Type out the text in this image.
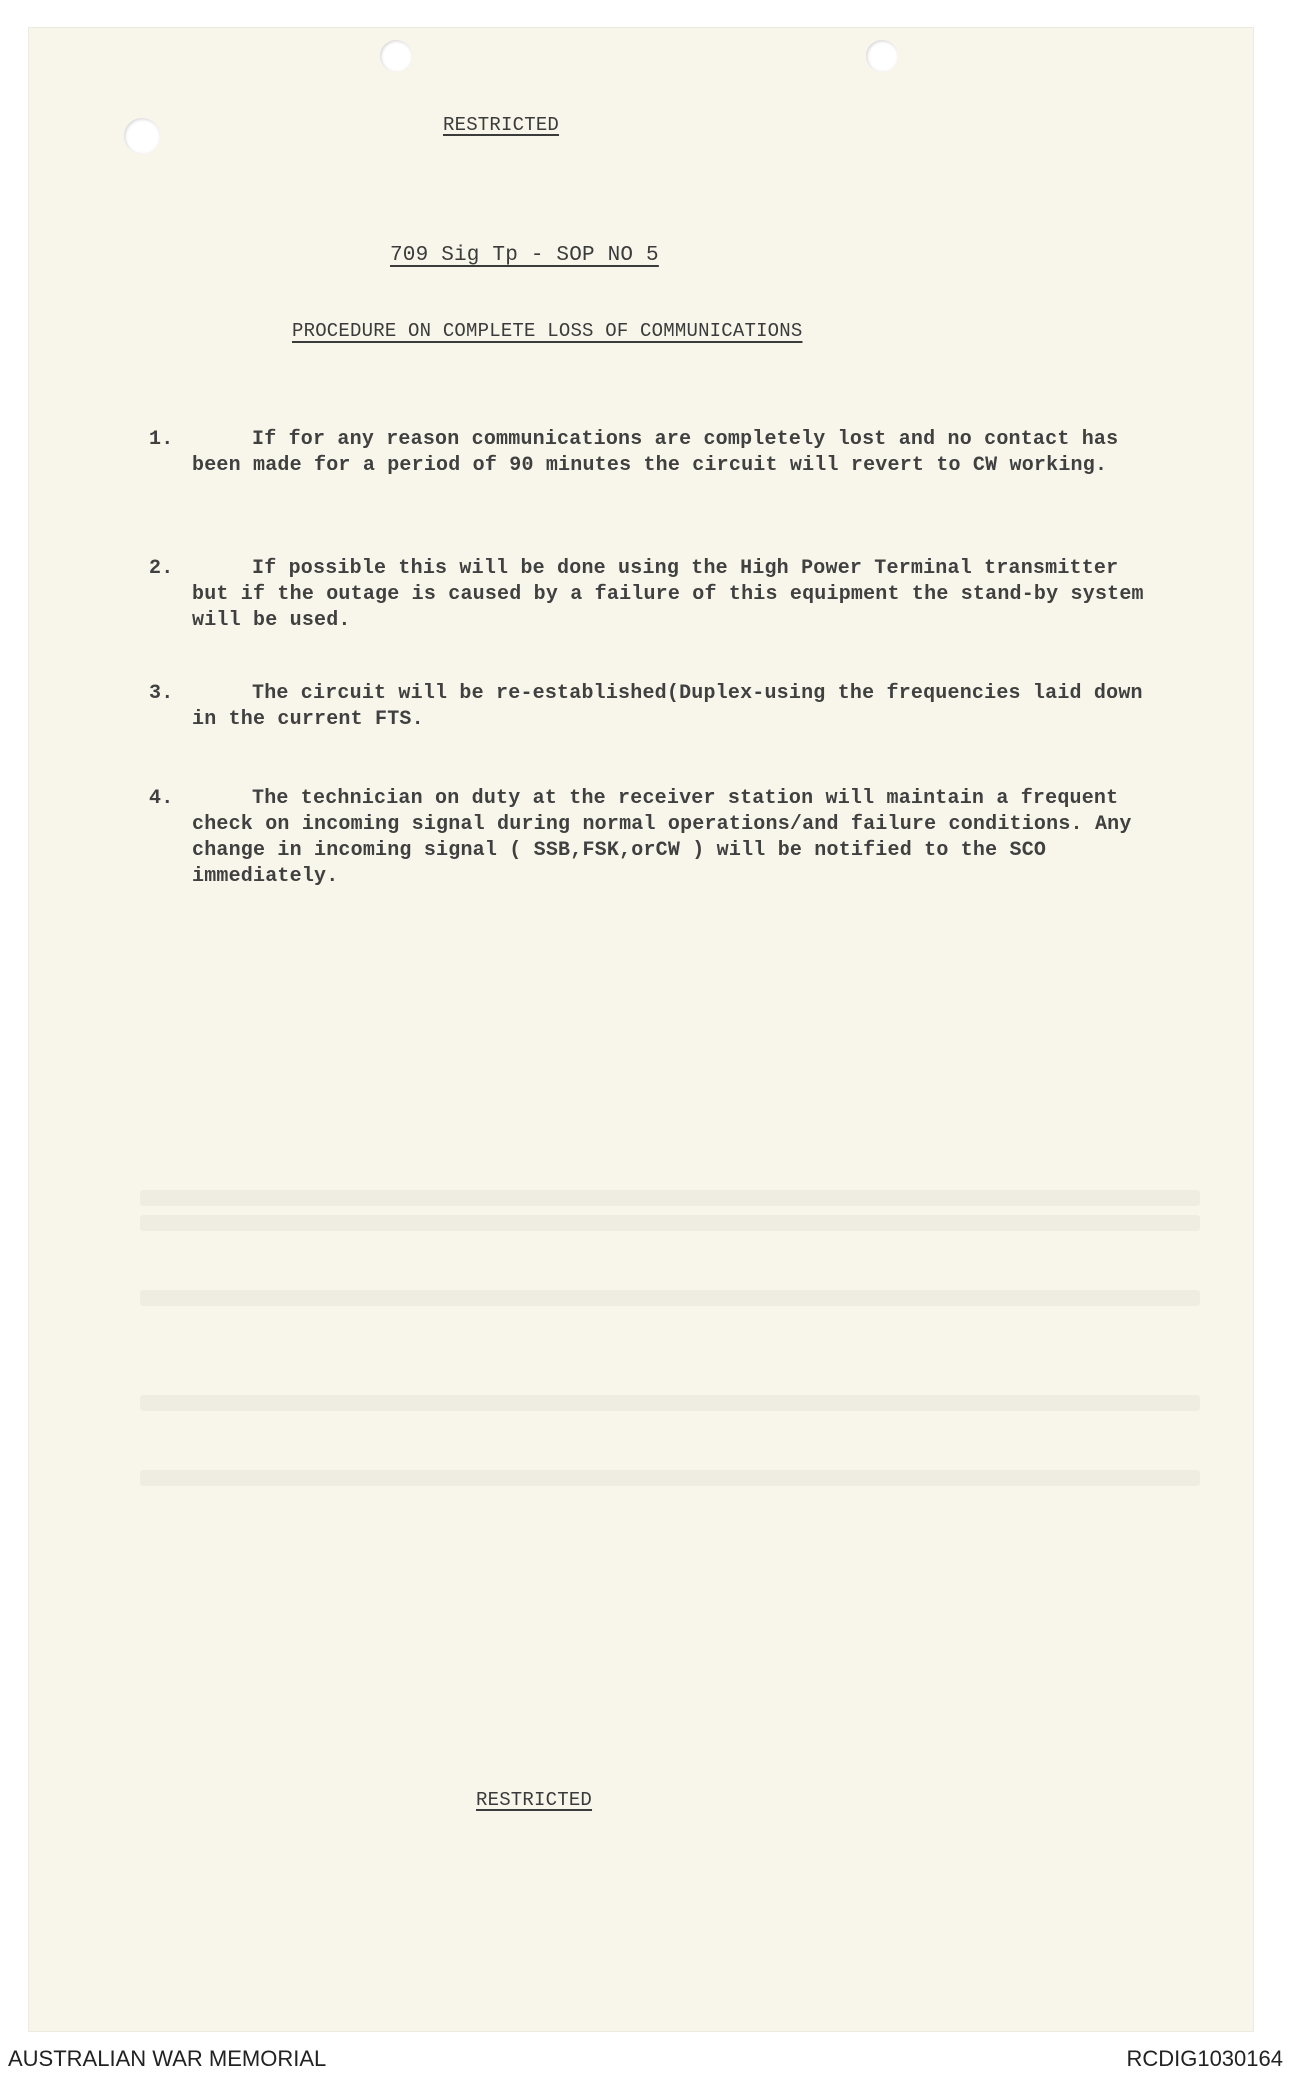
RESTRICTED
709 Sig Tp - SOP NO 5
PROCEDURE ON COMPLETE LOSS OF COMMUNICATIONS
1.	If for any reason communications are completely lost and no contact has been made for a period of 90 minutes the circuit will revert to CW working.
2.	If possible this will be done using the High Power Terminal transmitter but if the outage is caused by a failure of this equipment the stand-by system will be used.
3.	The circuit will be re-established(Duplex-using the frequencies laid down in the current FTS.
4.	The technician on duty at the receiver station will maintain a frequent check on incoming signal during normal operations/and failure conditions. Any change in incoming signal ( SSB,FSK,orCW ) will be notified to the SCO immediately.
RESTRICTED
AUSTRALIAN WAR MEMORIAL	RCDIG1030164
